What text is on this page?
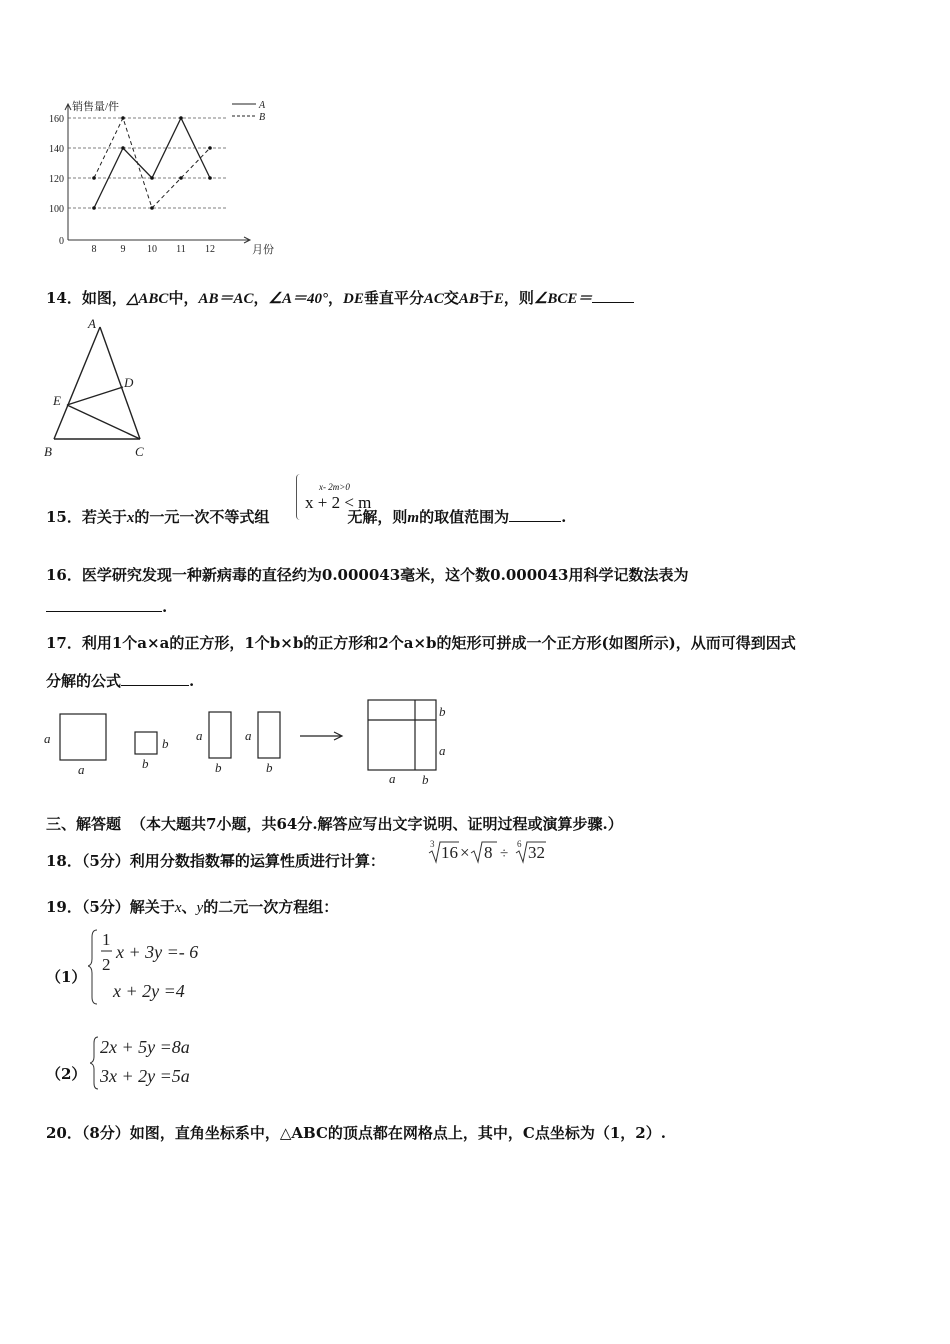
销售量/件
月份
0
100
120
140
160
8 9 10 11 12
A
B
14．如图，△ABC中，AB＝AC，∠A＝40°，DE垂直平分AC交AB于E，则∠BCE＝
A
B	C
D
E
15．若关于x的一元一次不等式组	无解，则m的取值范围为	.
x- 2m>0
x + 2 < m
16．医学研究发现一种新病毒的直径约为0.000043毫米，这个数0.000043用科学记数法表为
.
17．利用1个a×a的正方形，1个b×b的正方形和2个a×b的矩形可拼成一个正方形(如图所示)，从而可得到因式
分解的公式	.
a
a
b
b
a
b
a
b
b
a
a b
三、解答题 （本大题共7小题，共64分.解答应写出文字说明、证明过程或演算步骤.）
18．（5分）利用分数指数幂的运算性质进行计算：
3 16 × 8 ÷
6 32
19．（5分）解关于x、y的二元一次方程组：
（1）
1
2
x + 3y =- 6
x + 2y =4
（2）
2x + 5y =8a
3x + 2y =5a
20．（8分）如图，直角坐标系中，△ABC的顶点都在网格点上，其中，C点坐标为（1，2）.
